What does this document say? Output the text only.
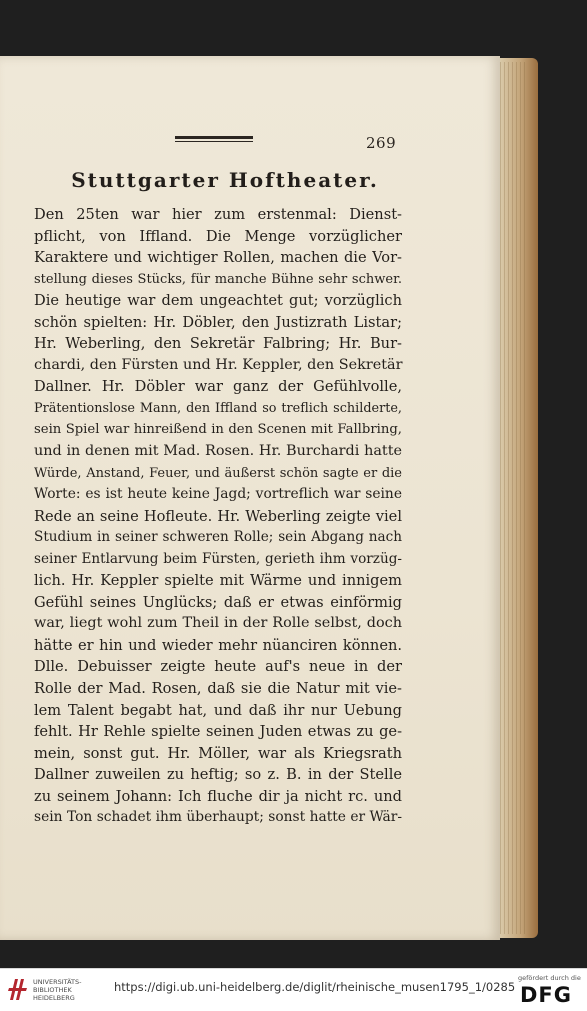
269
Stuttgarter Hoftheater.
Den 25ten war hier zum erstenmal: Dienst-
pflicht, von Iffland. Die Menge vorzüglicher
Karaktere und wichtiger Rollen, machen die Vor-
stellung dieses Stücks, für manche Bühne sehr schwer.
Die heutige war dem ungeachtet gut; vorzüglich
schön spielten: Hr. Döbler, den Justizrath Listar;
Hr. Weberling, den Sekretär Falbring; Hr. Bur-
chardi, den Fürsten und Hr. Keppler, den Sekretär
Dallner. Hr. Döbler war ganz der Gefühlvolle,
Prätentionslose Mann, den Iffland so treflich schilderte,
sein Spiel war hinreißend in den Scenen mit Fallbring,
und in denen mit Mad. Rosen. Hr. Burchardi hatte
Würde, Anstand, Feuer, und äußerst schön sagte er die
Worte: es ist heute keine Jagd; vortreflich war seine
Rede an seine Hofleute. Hr. Weberling zeigte viel
Studium in seiner schweren Rolle; sein Abgang nach
seiner Entlarvung beim Fürsten, gerieth ihm vorzüg-
lich. Hr. Keppler spielte mit Wärme und innigem
Gefühl seines Unglücks; daß er etwas einförmig
war, liegt wohl zum Theil in der Rolle selbst, doch
hätte er hin und wieder mehr nüanciren können.
Dlle. Debuisser zeigte heute auf's neue in der
Rolle der Mad. Rosen, daß sie die Natur mit vie-
lem Talent begabt hat, und daß ihr nur Uebung
fehlt. Hr Rehle spielte seinen Juden etwas zu ge-
mein, sonst gut. Hr. Möller, war als Kriegsrath
Dallner zuweilen zu heftig; so z. B. in der Stelle
zu seinem Johann: Ich fluche dir ja nicht rc. und
sein Ton schadet ihm überhaupt; sonst hatte er Wär-
UNIVERSITÄTS-
BIBLIOTHEK
HEIDELBERG
https://digi.ub.uni-heidelberg.de/diglit/rheinische_musen1795_1/0285
gefördert durch die
DFG
